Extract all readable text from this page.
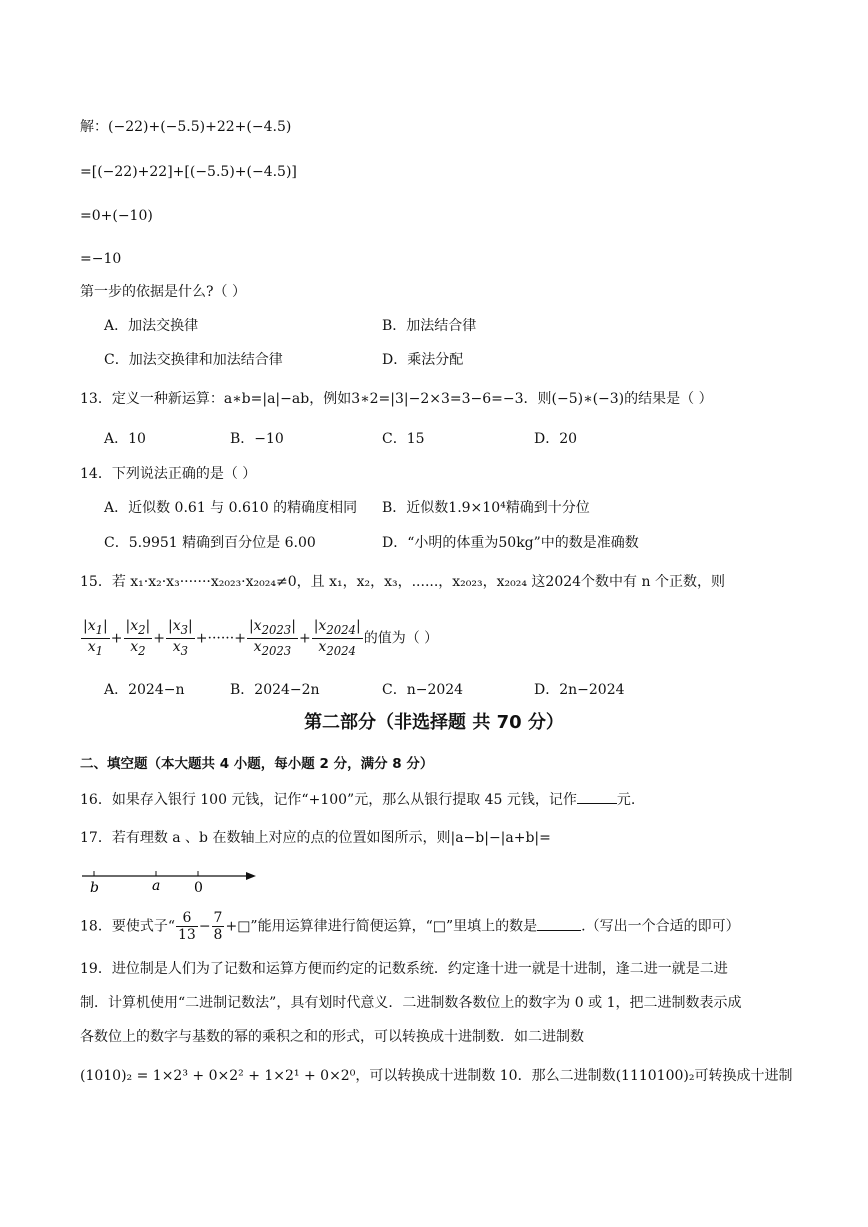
解：(−22)+(−5.5)+22+(−4.5)
=[(−22)+22]+[(−5.5)+(−4.5)]
=0+(−10)
=−10
第一步的依据是什么?（ ）
A．加法交换律	B．加法结合律
C．加法交换律和加法结合律	D．乘法分配
13．定义一种新运算：a∗b=|a|−ab，例如3∗2=|3|−2×3=3−6=−3．则(−5)∗(−3)的结果是（ ）
A．10	B．−10	C．15	D．20
14．下列说法正确的是（ ）
A．近似数 0.61 与 0.610 的精确度相同 B．近似数1.9×10⁴精确到十分位
C．5.9951 精确到百分位是 6.00	D．“小明的体重为50kg”中的数是准确数
15．若 x₁·x₂·x₃·······x₂₀₂₃·x₂₀₂₄≠0，且 x₁，x₂，x₃，......，x₂₀₂₃，x₂₀₂₄ 这2024个数中有 n 个正数，则
$\frac{|x_1|}{x_1} + \frac{|x_2|}{x_2} + \frac{|x_3|}{x_3}$ +······+ $\frac{|x_{2023}|}{x_{2023}} + \frac{|x_{2024}|}{x_{2024}}$ 的值为（ ）
A．2024−n	B．2024−2n	C．n−2024	D．2n−2024
第二部分（非选择题 共 70 分）
二、填空题（本大题共 4 小题，每小题 2 分，满分 8 分）
16．如果存入银行 100 元钱，记作“+100”元，那么从银行提取 45 元钱，记作	元.
17．若有理数 a 、b 在数轴上对应的点的位置如图所示，则|a−b|−|a+b|=
b	a 0
18．要使式子“ $\frac{6}{13} - \frac{7}{8}$ +□”能用运算律进行简便运算，“□”里填上的数是	.（写出一个合适的即可）
19．进位制是人们为了记数和运算方便而约定的记数系统．约定逢十进一就是十进制，逢二进一就是二进
制．计算机使用“二进制记数法”，具有划时代意义．二进制数各数位上的数字为 0 或 1，把二进制数表示成
各数位上的数字与基数的幂的乘积之和的形式，可以转换成十进制数．如二进制数
(1010)₂ = 1×2³ + 0×2² + 1×2¹ + 0×2⁰，可以转换成十进制数 10．那么二进制数(1110100)₂可转换成十进制
